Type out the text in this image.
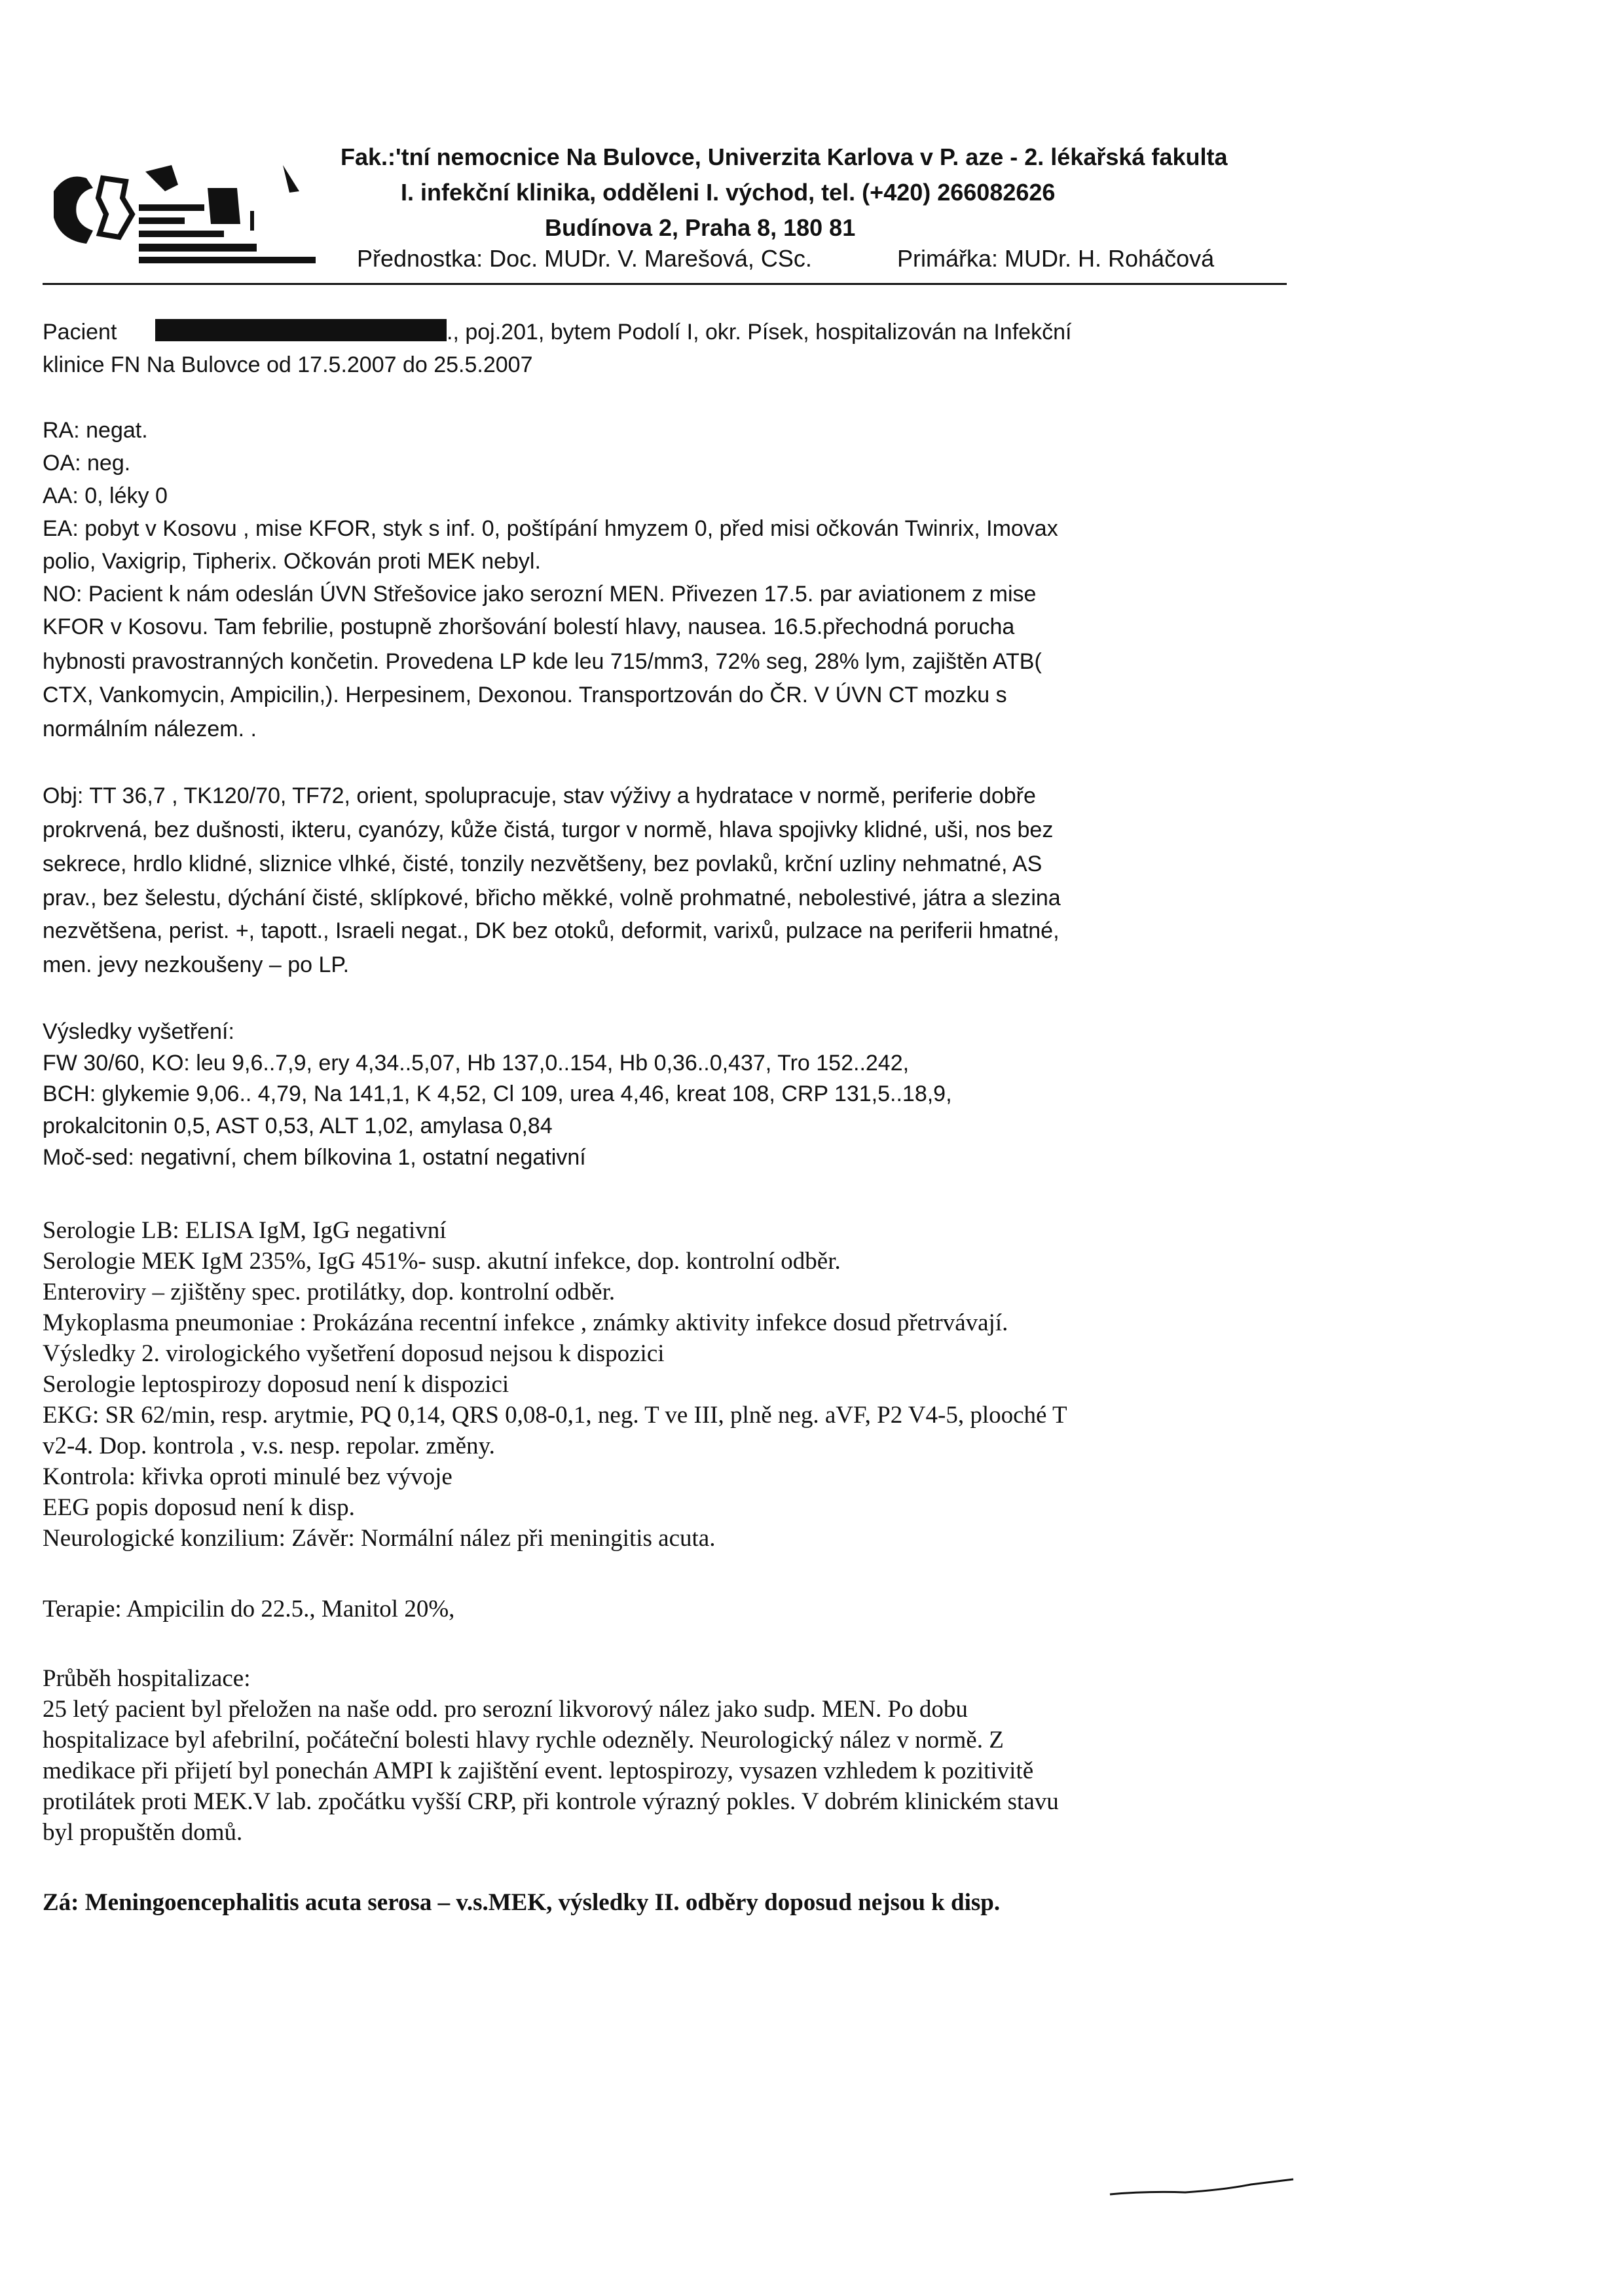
Fak.:'tní nemocnice Na Bulovce, Univerzita Karlova v P. aze - 2. lékařská fakulta
I. infekční klinika, odděleni I. východ, tel. (+420) 266082626
Budínova 2, Praha 8, 180 81
Přednostka: Doc. MUDr. V. Marešová, CSc.	Primářka: MUDr. H. Roháčová
Pacient	., poj.201, bytem Podolí I, okr. Písek, hospitalizován na Infekční
klinice FN Na Bulovce od 17.5.2007 do 25.5.2007
RA: negat.
OA: neg.
AA: 0, léky 0
EA: pobyt v Kosovu , mise KFOR, styk s inf. 0, poštípání hmyzem 0, před misi očkován Twinrix, Imovax
polio, Vaxigrip, Tipherix. Očkován proti MEK nebyl.
NO: Pacient k nám odeslán ÚVN Střešovice jako serozní MEN. Přivezen 17.5. par aviationem z mise
KFOR v Kosovu. Tam febrilie, postupně zhoršování bolestí hlavy, nausea. 16.5.přechodná porucha
hybnosti pravostranných končetin. Provedena LP kde leu 715/mm3, 72% seg, 28% lym, zajištěn ATB(
CTX, Vankomycin, Ampicilin,). Herpesinem, Dexonou. Transportzován do ČR. V ÚVN CT mozku s
normálním nálezem. .
Obj: TT 36,7 , TK120/70, TF72, orient, spolupracuje, stav výživy a hydratace v normě, periferie dobře
prokrvená, bez dušnosti, ikteru, cyanózy, kůže čistá, turgor v normě, hlava spojivky klidné, uši, nos bez
sekrece, hrdlo klidné, sliznice vlhké, čisté, tonzily nezvětšeny, bez povlaků, krční uzliny nehmatné, AS
prav., bez šelestu, dýchání čisté, sklípkové, břicho měkké, volně prohmatné, nebolestivé, játra a slezina
nezvětšena, perist. +, tapott., Israeli negat., DK bez otoků, deformit, varixů, pulzace na periferii hmatné,
men. jevy nezkoušeny – po LP.
Výsledky vyšetření:
FW 30/60, KO: leu 9,6..7,9, ery 4,34..5,07, Hb 137,0..154, Hb 0,36..0,437, Tro 152..242,
BCH: glykemie 9,06.. 4,79, Na 141,1, K 4,52, Cl 109, urea 4,46, kreat 108, CRP 131,5..18,9,
prokalcitonin 0,5, AST 0,53, ALT 1,02, amylasa 0,84
Moč-sed: negativní, chem bílkovina 1, ostatní negativní
Serologie LB: ELISA IgM, IgG negativní
Serologie MEK IgM 235%, IgG 451%- susp. akutní infekce, dop. kontrolní odběr.
Enteroviry – zjištěny spec. protilátky, dop. kontrolní odběr.
Mykoplasma pneumoniae : Prokázána recentní infekce , známky aktivity infekce dosud přetrvávají.
Výsledky 2. virologického vyšetření doposud nejsou k dispozici
Serologie leptospirozy doposud není k dispozici
EKG: SR 62/min, resp. arytmie, PQ 0,14, QRS 0,08-0,1, neg. T ve III, plně neg. aVF, P2 V4-5, plooché T
v2-4. Dop. kontrola , v.s. nesp. repolar. změny.
Kontrola: křivka oproti minulé bez vývoje
EEG popis doposud není k disp.
Neurologické konzilium: Závěr: Normální nález při meningitis acuta.
Terapie: Ampicilin do 22.5., Manitol 20%,
Průběh hospitalizace:
25 letý pacient byl přeložen na naše odd. pro serozní likvorový nález jako sudp. MEN. Po dobu
hospitalizace byl afebrilní, počáteční bolesti hlavy rychle odezněly. Neurologický nález v normě. Z
medikace při přijetí byl ponechán AMPI k zajištění event. leptospirozy, vysazen vzhledem k pozitivitě
protilátek proti MEK.V lab. zpočátku vyšší CRP, při kontrole výrazný pokles. V dobrém klinickém stavu
byl propuštěn domů.
Zá: Meningoencephalitis acuta serosa – v.s.MEK, výsledky II. odběry doposud nejsou k disp.
